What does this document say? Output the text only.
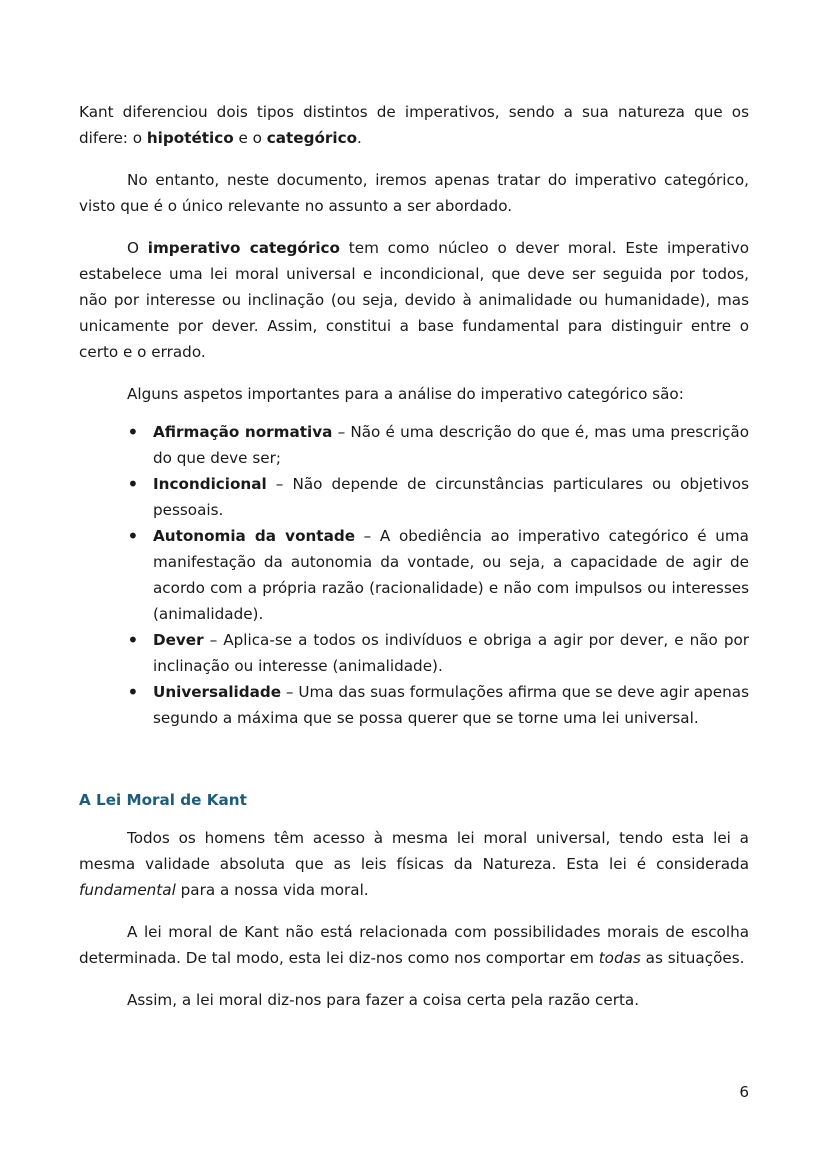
Kant diferenciou dois tipos distintos de imperativos, sendo a sua natureza que os difere: o hipotético e o categórico.

No entanto, neste documento, iremos apenas tratar do imperativo categórico, visto que é o único relevante no assunto a ser abordado.

O imperativo categórico tem como núcleo o dever moral. Este imperativo estabelece uma lei moral universal e incondicional, que deve ser seguida por todos, não por interesse ou inclinação (ou seja, devido à animalidade ou humanidade), mas unicamente por dever. Assim, constitui a base fundamental para distinguir entre o certo e o errado.

Alguns aspetos importantes para a análise do imperativo categórico são:

• Afirmação normativa – Não é uma descrição do que é, mas uma prescrição do que deve ser;
• Incondicional – Não depende de circunstâncias particulares ou objetivos pessoais.
• Autonomia da vontade – A obediência ao imperativo categórico é uma manifestação da autonomia da vontade, ou seja, a capacidade de agir de acordo com a própria razão (racionalidade) e não com impulsos ou interesses (animalidade).
• Dever – Aplica-se a todos os indivíduos e obriga a agir por dever, e não por inclinação ou interesse (animalidade).
• Universalidade – Uma das suas formulações afirma que se deve agir apenas segundo a máxima que se possa querer que se torne uma lei universal.
A Lei Moral de Kant

Todos os homens têm acesso à mesma lei moral universal, tendo esta lei a mesma validade absoluta que as leis físicas da Natureza. Esta lei é considerada fundamental para a nossa vida moral.

A lei moral de Kant não está relacionada com possibilidades morais de escolha determinada. De tal modo, esta lei diz-nos como nos comportar em todas as situações.

Assim, a lei moral diz-nos para fazer a coisa certa pela razão certa.

6
